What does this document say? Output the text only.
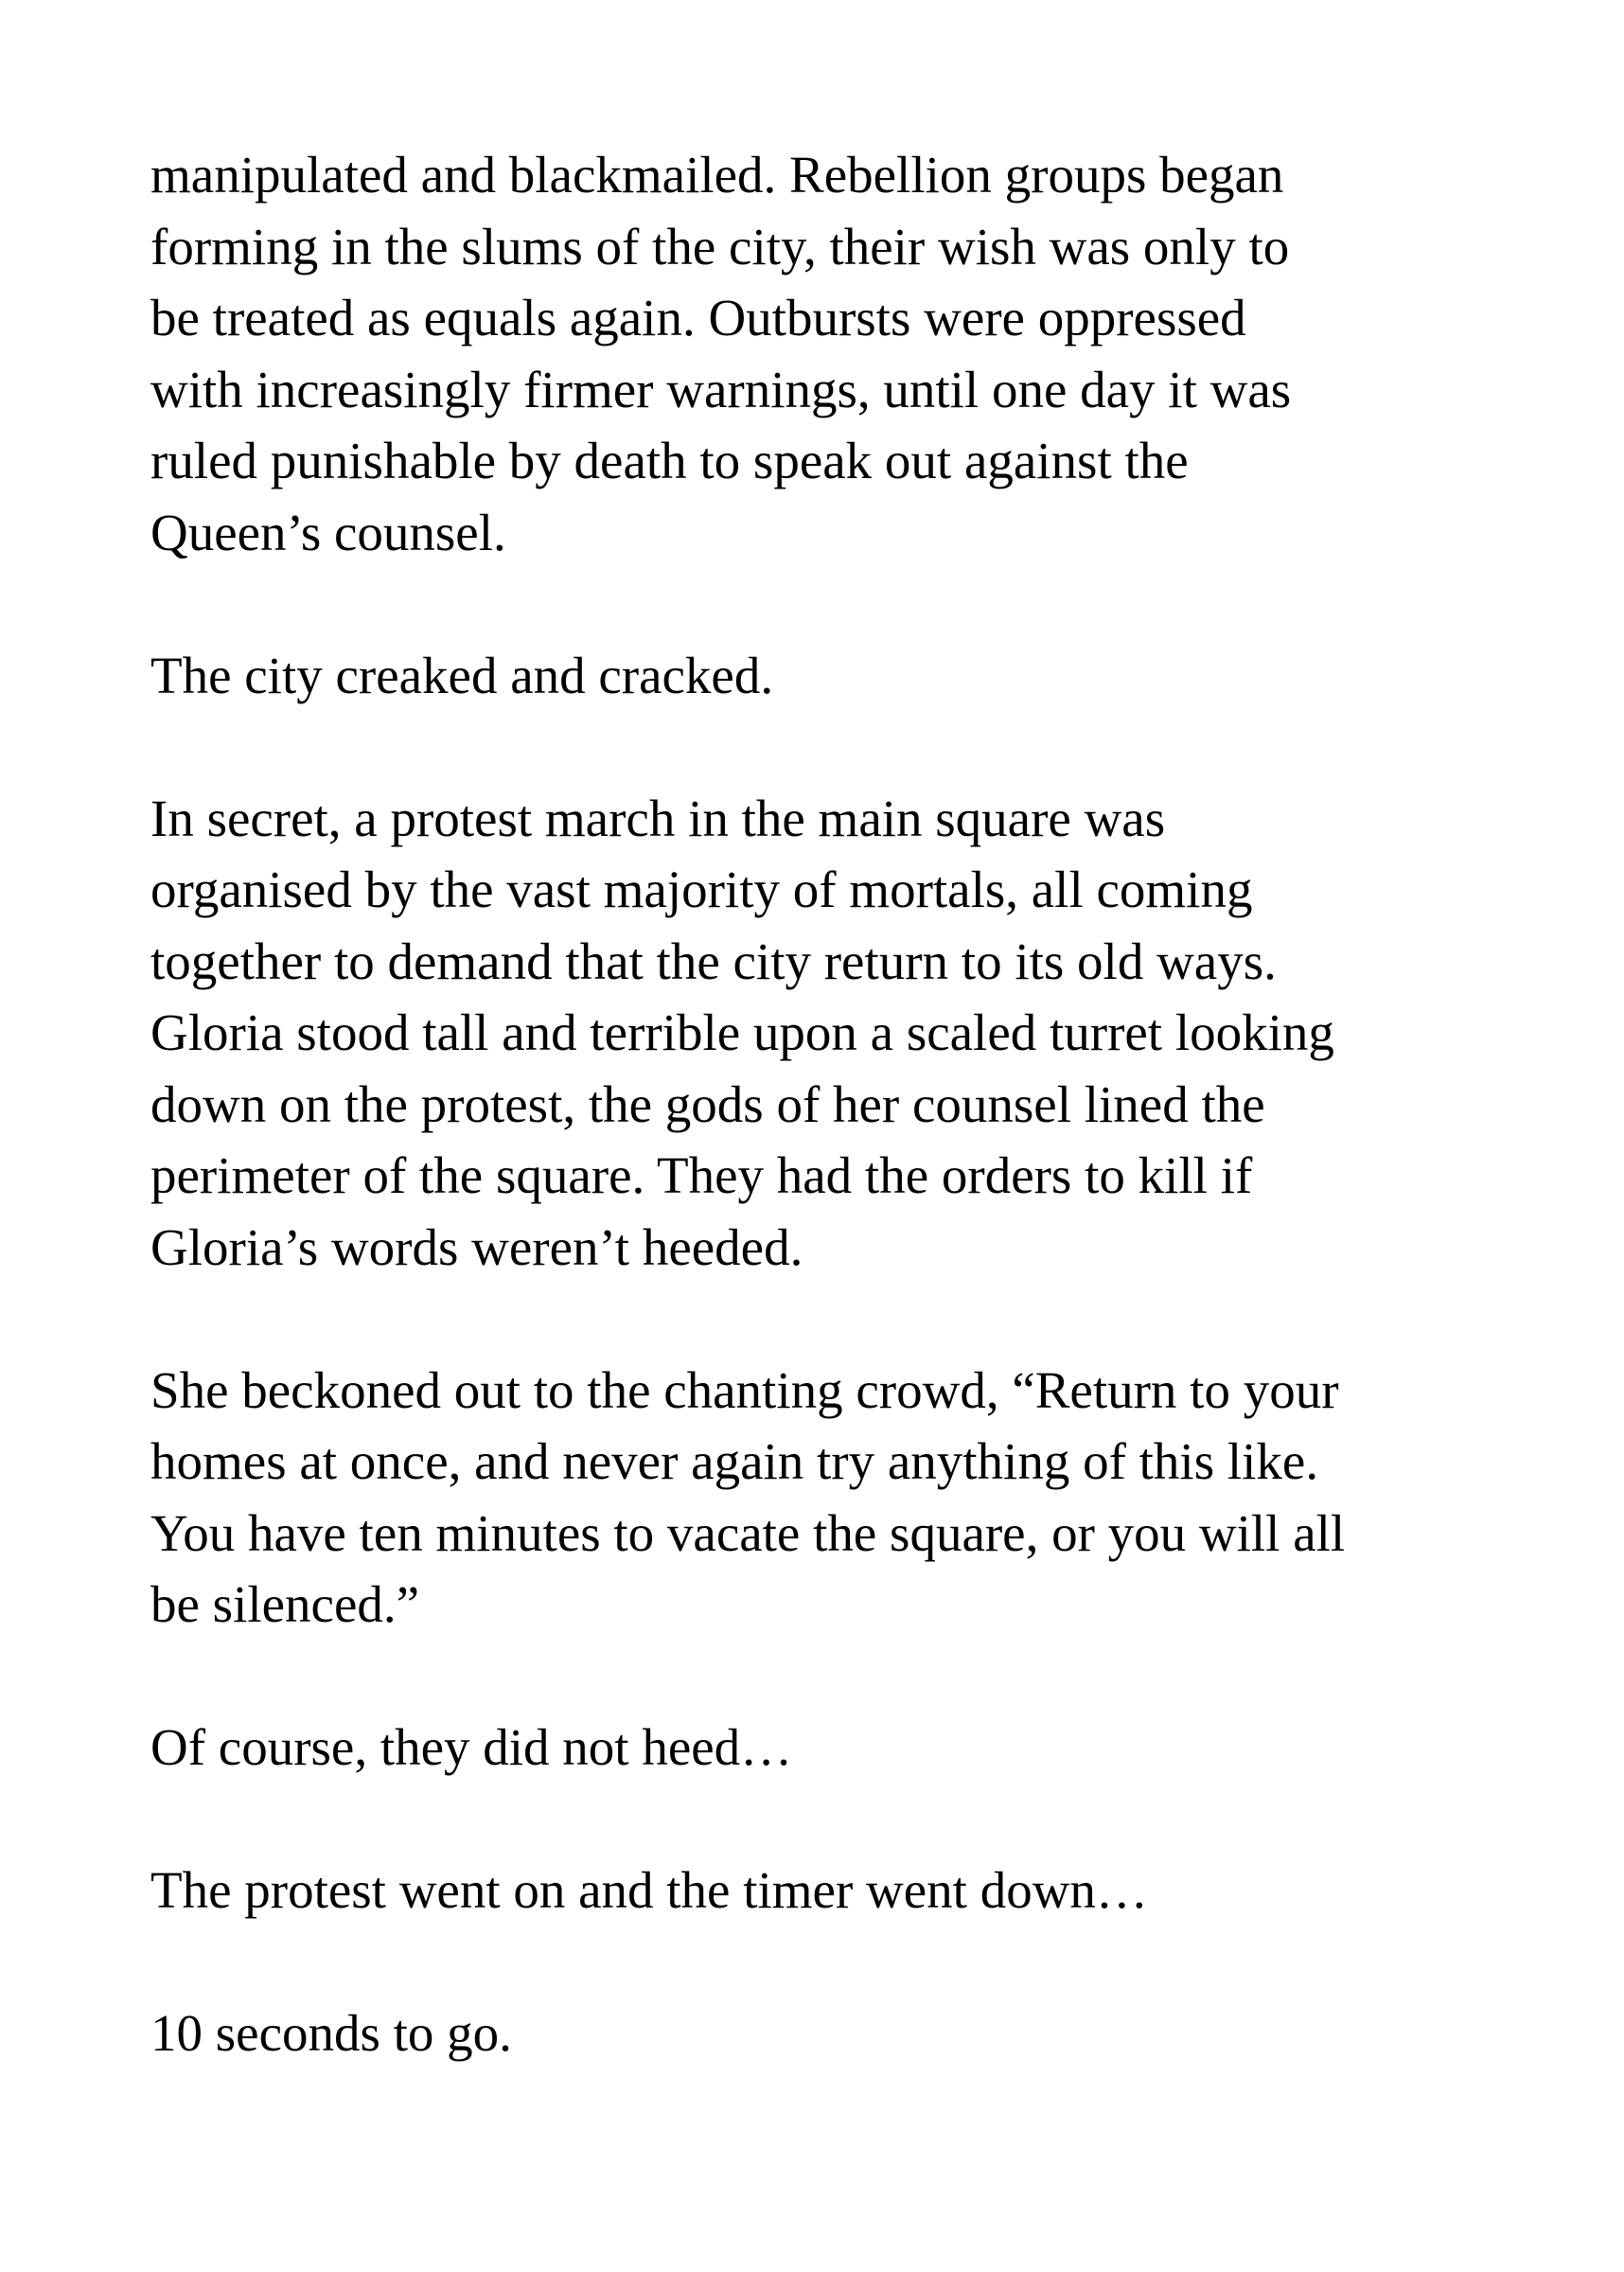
manipulated and blackmailed. Rebellion groups began
forming in the slums of the city, their wish was only to
be treated as equals again. Outbursts were oppressed
with increasingly firmer warnings, until one day it was
ruled punishable by death to speak out against the
Queen’s counsel.

The city creaked and cracked.

In secret, a protest march in the main square was
organised by the vast majority of mortals, all coming
together to demand that the city return to its old ways.
Gloria stood tall and terrible upon a scaled turret looking
down on the protest, the gods of her counsel lined the
perimeter of the square. They had the orders to kill if
Gloria’s words weren’t heeded.

She beckoned out to the chanting crowd, “Return to your
homes at once, and never again try anything of this like.
You have ten minutes to vacate the square, or you will all
be silenced.”

Of course, they did not heed…

The protest went on and the timer went down…

10 seconds to go.
